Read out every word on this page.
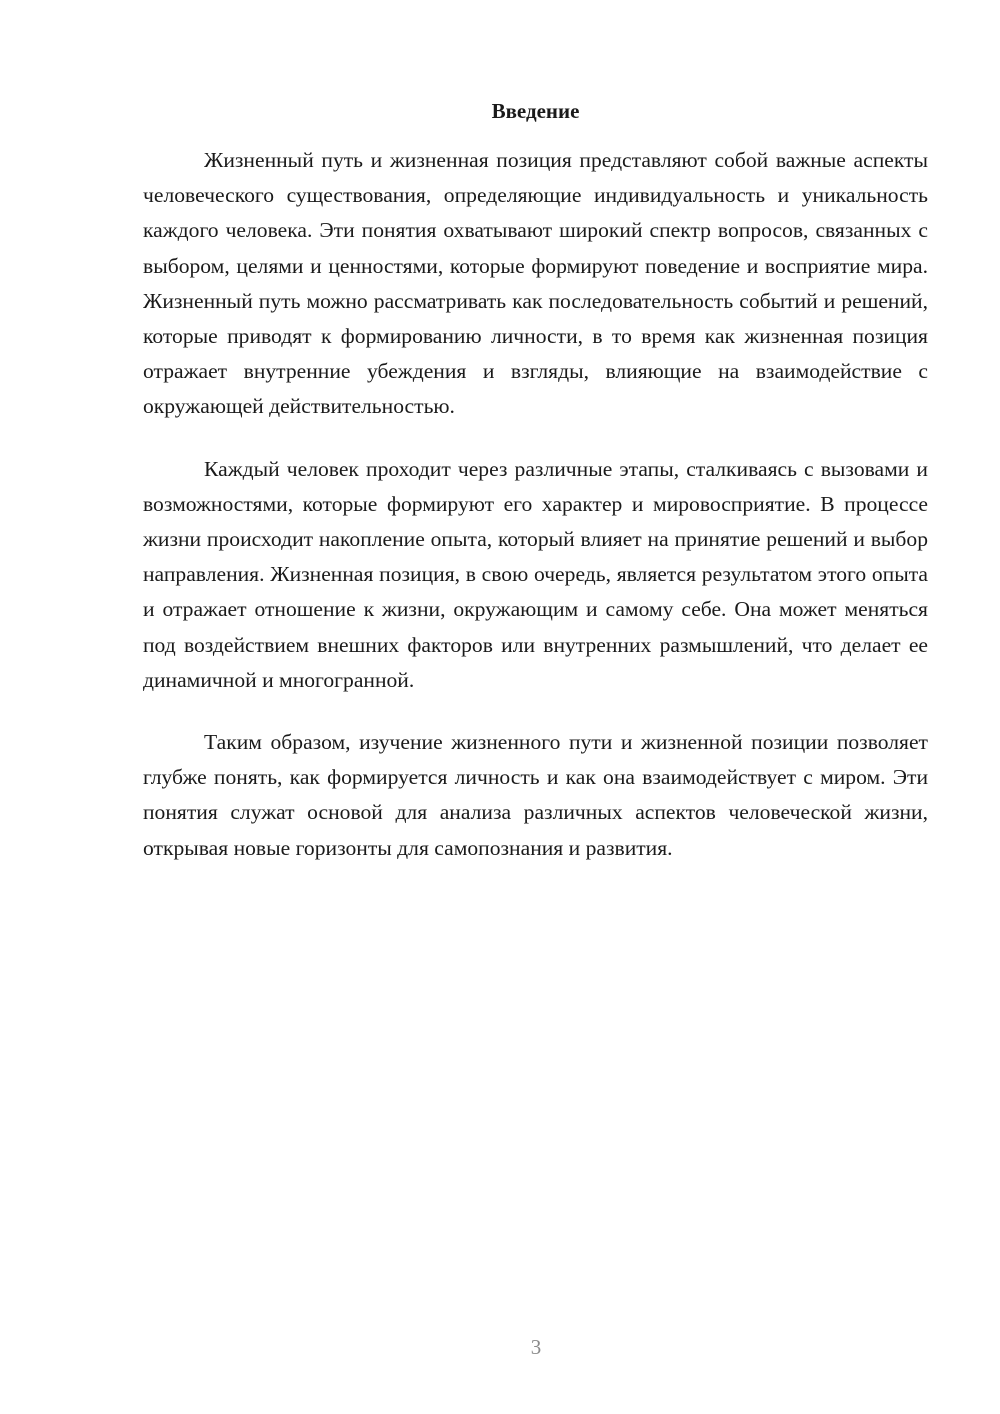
Введение

Жизненный путь и жизненная позиция представляют собой важные аспекты человеческого существования, определяющие индивидуальность и уникальность каждого человека. Эти понятия охватывают широкий спектр вопросов, связанных с выбором, целями и ценностями, которые формируют поведение и восприятие мира. Жизненный путь можно рассматривать как последовательность событий и решений, которые приводят к формированию личности, в то время как жизненная позиция отражает внутренние убеждения и взгляды, влияющие на взаимодействие с окружающей действительностью.

Каждый человек проходит через различные этапы, сталкиваясь с вызовами и возможностями, которые формируют его характер и мировосприятие. В процессе жизни происходит накопление опыта, который влияет на принятие решений и выбор направления. Жизненная позиция, в свою очередь, является результатом этого опыта и отражает отношение к жизни, окружающим и самому себе. Она может меняться под воздействием внешних факторов или внутренних размышлений, что делает ее динамичной и многогранной.

Таким образом, изучение жизненного пути и жизненной позиции позволяет глубже понять, как формируется личность и как она взаимодействует с миром. Эти понятия служат основой для анализа различных аспектов человеческой жизни, открывая новые горизонты для самопознания и развития.

3
